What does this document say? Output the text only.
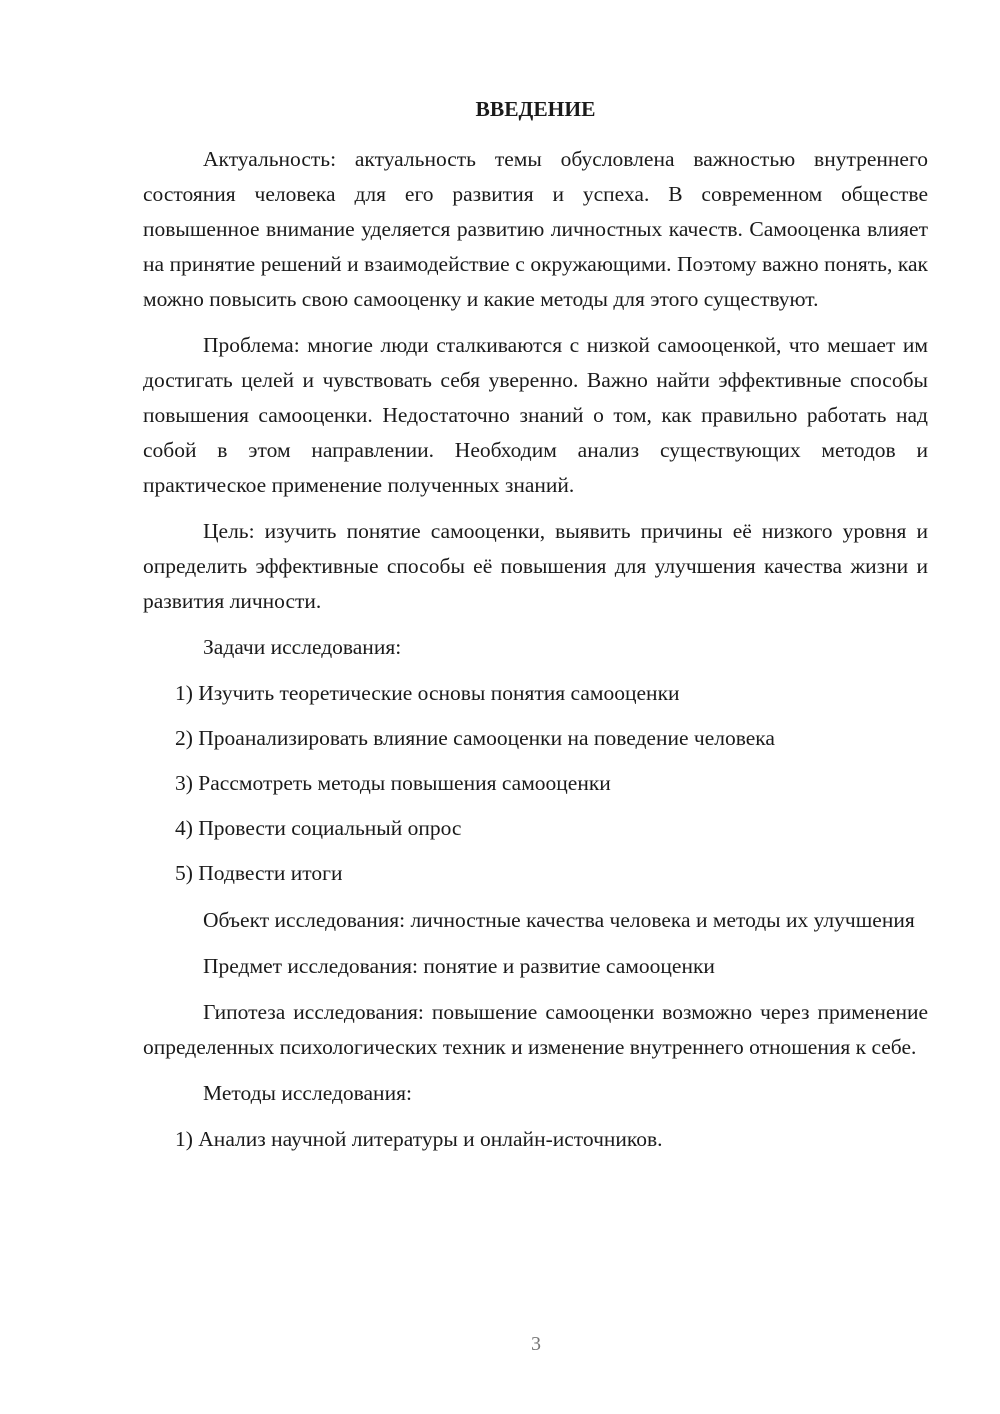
ВВЕДЕНИЕ

Актуальность: актуальность темы обусловлена важностью внутреннего состояния человека для его развития и успеха. В современном обществе повышенное внимание уделяется развитию личностных качеств. Самооценка влияет на принятие решений и взаимодействие с окружающими. Поэтому важно понять, как можно повысить свою самооценку и какие методы для этого существуют.

Проблема: многие люди сталкиваются с низкой самооценкой, что мешает им достигать целей и чувствовать себя уверенно. Важно найти эффективные способы повышения самооценки. Недостаточно знаний о том, как правильно работать над собой в этом направлении. Необходим анализ существующих методов и практическое применение полученных знаний.

Цель: изучить понятие самооценки, выявить причины её низкого уровня и определить эффективные способы её повышения для улучшения качества жизни и развития личности.

Задачи исследования:

1) Изучить теоретические основы понятия самооценки

2) Проанализировать влияние самооценки на поведение человека

3) Рассмотреть методы повышения самооценки

4) Провести социальный опрос

5) Подвести итоги

Объект исследования: личностные качества человека и методы их улучшения

Предмет исследования: понятие и развитие самооценки

Гипотеза исследования: повышение самооценки возможно через применение определенных психологических техник и изменение внутреннего отношения к себе.

Методы исследования:

1) Анализ научной литературы и онлайн-источников.

3
